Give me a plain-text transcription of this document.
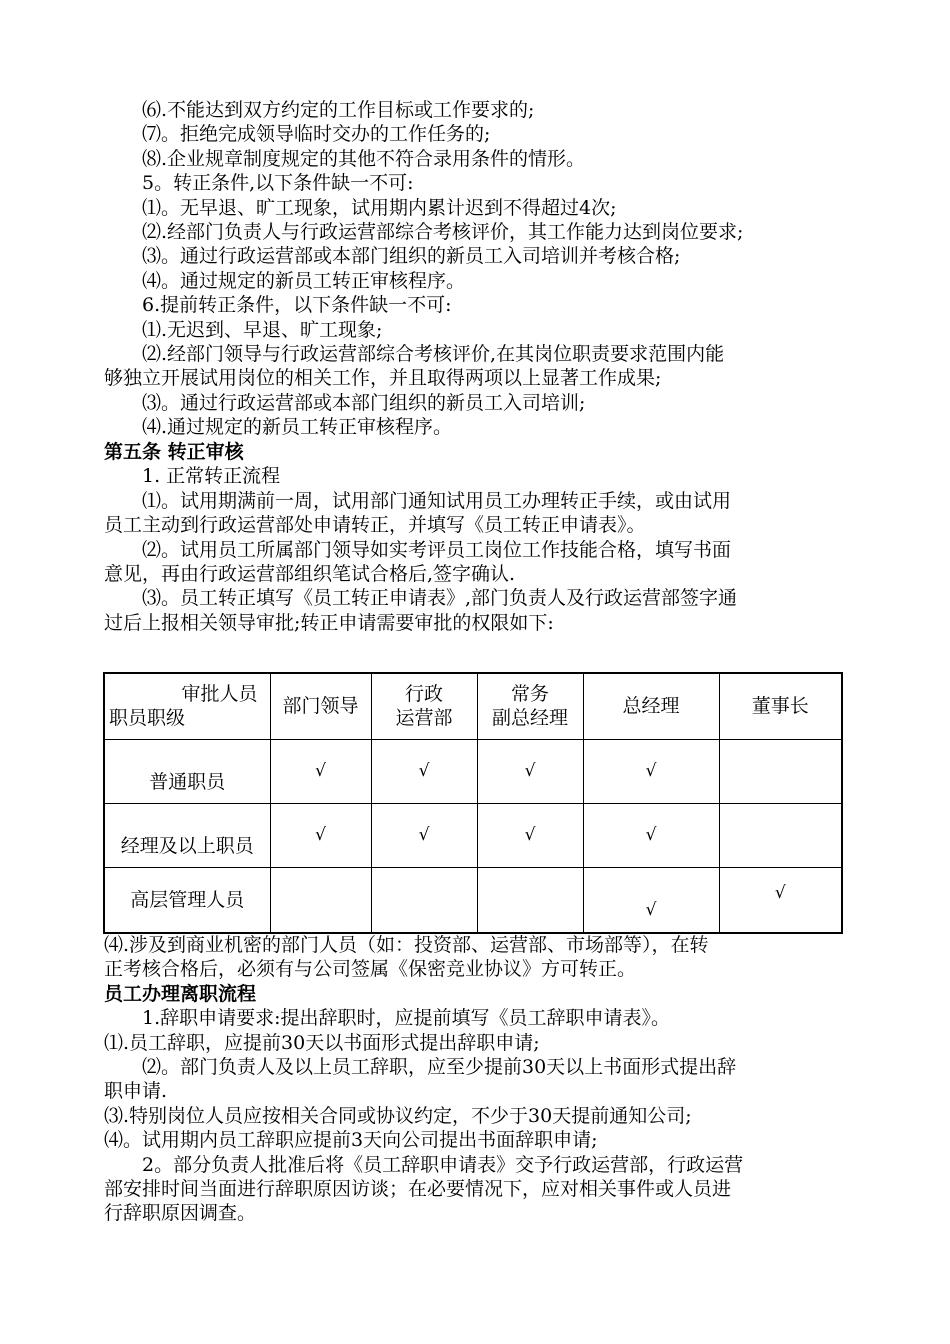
　　⑹.不能达到双方约定的工作目标或工作要求的;
　　⑺。拒绝完成领导临时交办的工作任务的;
　　⑻.企业规章制度规定的其他不符合录用条件的情形。
　　5。转正条件,以下条件缺一不可:
　　⑴。无早退、旷工现象，试用期内累计迟到不得超过4次;
　　⑵.经部门负责人与行政运营部综合考核评价，其工作能力达到岗位要求;
　　⑶。通过行政运营部或本部门组织的新员工入司培训并考核合格;
　　⑷。通过规定的新员工转正审核程序。
　　6.提前转正条件，以下条件缺一不可:
　　⑴.无迟到、早退、旷工现象;
　　⑵.经部门领导与行政运营部综合考核评价,在其岗位职责要求范围内能
够独立开展试用岗位的相关工作，并且取得两项以上显著工作成果;
　　⑶。通过行政运营部或本部门组织的新员工入司培训;
　　⑷.通过规定的新员工转正审核程序。
第五条 转正审核
　　1. 正常转正流程
　　⑴。试用期满前一周，试用部门通知试用员工办理转正手续，或由试用
员工主动到行政运营部处申请转正，并填写《员工转正申请表》。
　　⑵。试用员工所属部门领导如实考评员工岗位工作技能合格，填写书面
意见，再由行政运营部组织笔试合格后,签字确认.
　　⑶。员工转正填写《员工转正申请表》,部门负责人及行政运营部签字通
过后上报相关领导审批;转正申请需要审批的权限如下:
审批人员
职员职级	部门领导	行政
运营部	常务
副总经理	总经理	董事长

普通职员	√	√	√	√	

经理及以上职员	√	√	√	√	
高层管理人员				√	√
⑷.涉及到商业机密的部门人员（如：投资部、运营部、市场部等），在转
正考核合格后，必须有与公司签属《保密竞业协议》方可转正。
员工办理离职流程
　　1.辞职申请要求:提出辞职时，应提前填写《员工辞职申请表》。
⑴.员工辞职，应提前30天以书面形式提出辞职申请;
　　⑵。部门负责人及以上员工辞职，应至少提前30天以上书面形式提出辞
职申请.
⑶.特别岗位人员应按相关合同或协议约定，不少于30天提前通知公司;
⑷。试用期内员工辞职应提前3天向公司提出书面辞职申请;
　　2。部分负责人批准后将《员工辞职申请表》交予行政运营部，行政运营
部安排时间当面进行辞职原因访谈；在必要情况下，应对相关事件或人员进
行辞职原因调查。
